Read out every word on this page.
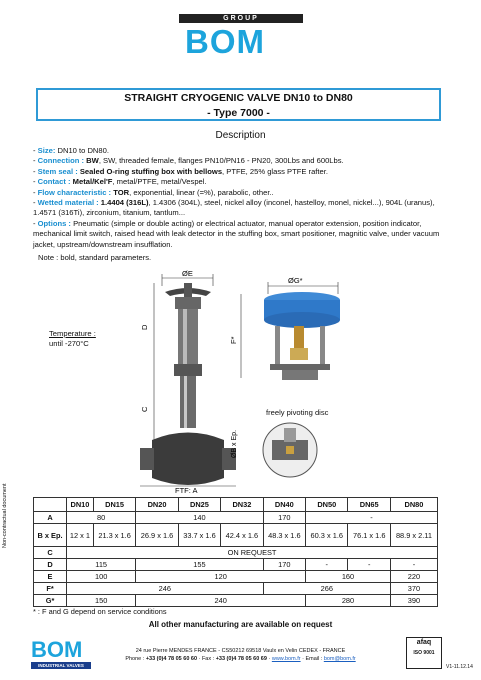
GROUP
BOM
STRAIGHT CRYOGENIC VALVE DN10 to DN80
- Type 7000 -
Description
- Size: DN10 to DN80.
- Connection : BW, SW, threaded female, flanges PN10/PN16 - PN20, 300Lbs and 600Lbs.
- Stem seal : Sealed O-ring stuffing box with bellows, PTFE, 25% glass PTFE rafter.
- Contact : Metal/Kel'F, metal/PTFE, metal/Vespel.
- Flow characteristic : TOR, exponential, linear (=%), parabolic, other..
- Wetted material : 1.4404 (316L), 1.4306 (304L), steel, nickel alloy (inconel, hastelloy, monel, nickel...), 904L (uranus), 1.4571 (316Ti), zirconium, titanium, tantlum...
- Options : Pneumatic (simple or double acting) or electrical actuator, manual operator extension, position indicator, mechanical limit switch, raised head with leak detector in the stuffing box, smart positioner, magnitic valve, under vacuum jacket, upstream/downstream insufflation.
Note : bold, standard parameters.
ØE
ØG*
D
C
F*
ØB x Ep.
FTF: A
Temperature :
until -270°C
freely pivoting disc
Non-contractual document
		DN10	DN15	DN20	DN25	DN32	DN40	DN50	DN65	DN80
A	80		140			170	-		
B x Ep.	12 x 1	21.3 x 1.6	26.9 x 1.6	33.7 x 1.6	42.4 x 1.6	48.3 x 1.6	60.3 x 1.6	76.1 x 1.6	88.9 x 2.11
C	ON REQUEST								
D	115		155			170	-	-	-
E	100		120				160		220
F*	246					266			370
G*	150		240				280		390
* : F and G depend on service conditions
All other manufacturing are available on request
BOM
INDUSTRIAL VALVES
24 rue Pierre MENDES FRANCE - CS50212 69518 Vaulx en Velin CEDEX - FRANCE
Phone : +33 (0)4 78 05 60 60 · Fax : +33 (0)4 78 05 60 69 · www.bom.fr · Email : bom@bom.fr
afaq
ISO 9001
V1-11.12.14
